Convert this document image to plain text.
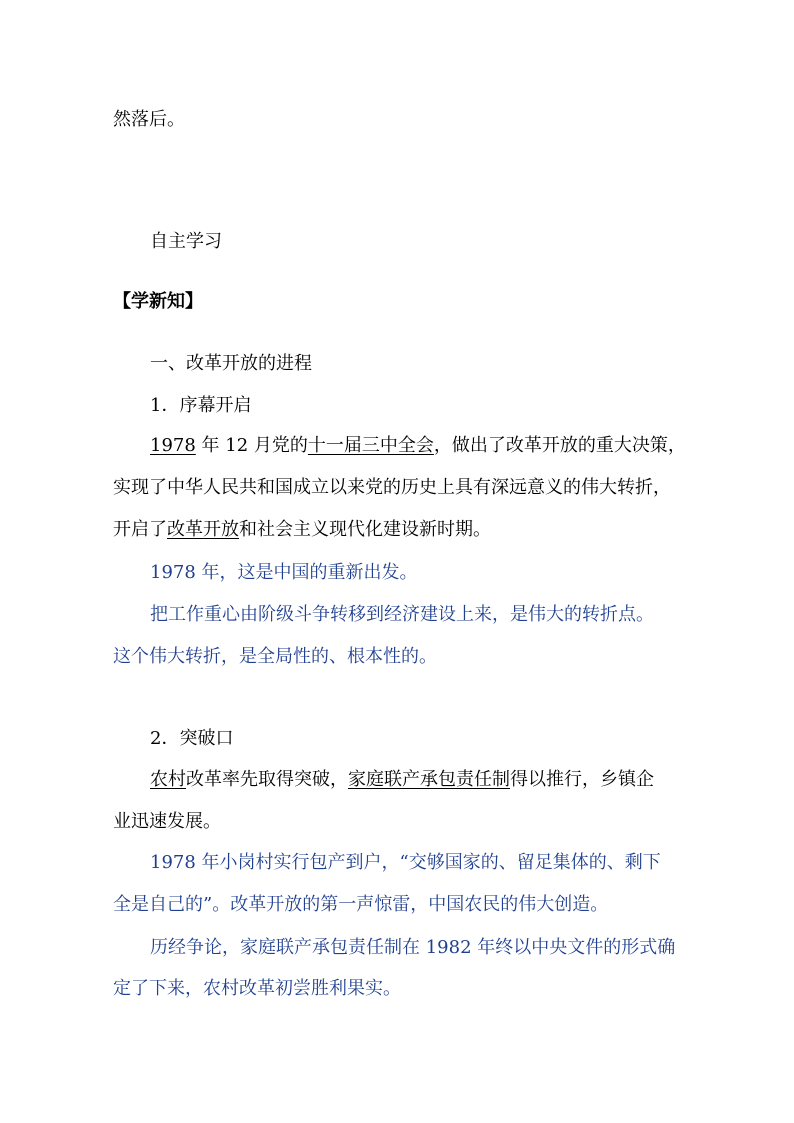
然落后。
自主学习
【学新知】
一、改革开放的进程
1．序幕开启
1978 年 12 月党的十一届三中全会，做出了改革开放的重大决策，
实现了中华人民共和国成立以来党的历史上具有深远意义的伟大转折，
开启了改革开放和社会主义现代化建设新时期。
1978 年，这是中国的重新出发。
把工作重心由阶级斗争转移到经济建设上来，是伟大的转折点。
这个伟大转折，是全局性的、根本性的。
2．突破口
农村改革率先取得突破，家庭联产承包责任制得以推行，乡镇企
业迅速发展。
1978 年小岗村实行包产到户，“交够国家的、留足集体的、剩下
全是自己的”。改革开放的第一声惊雷，中国农民的伟大创造。
历经争论，家庭联产承包责任制在 1982 年终以中央文件的形式确
定了下来，农村改革初尝胜利果实。
